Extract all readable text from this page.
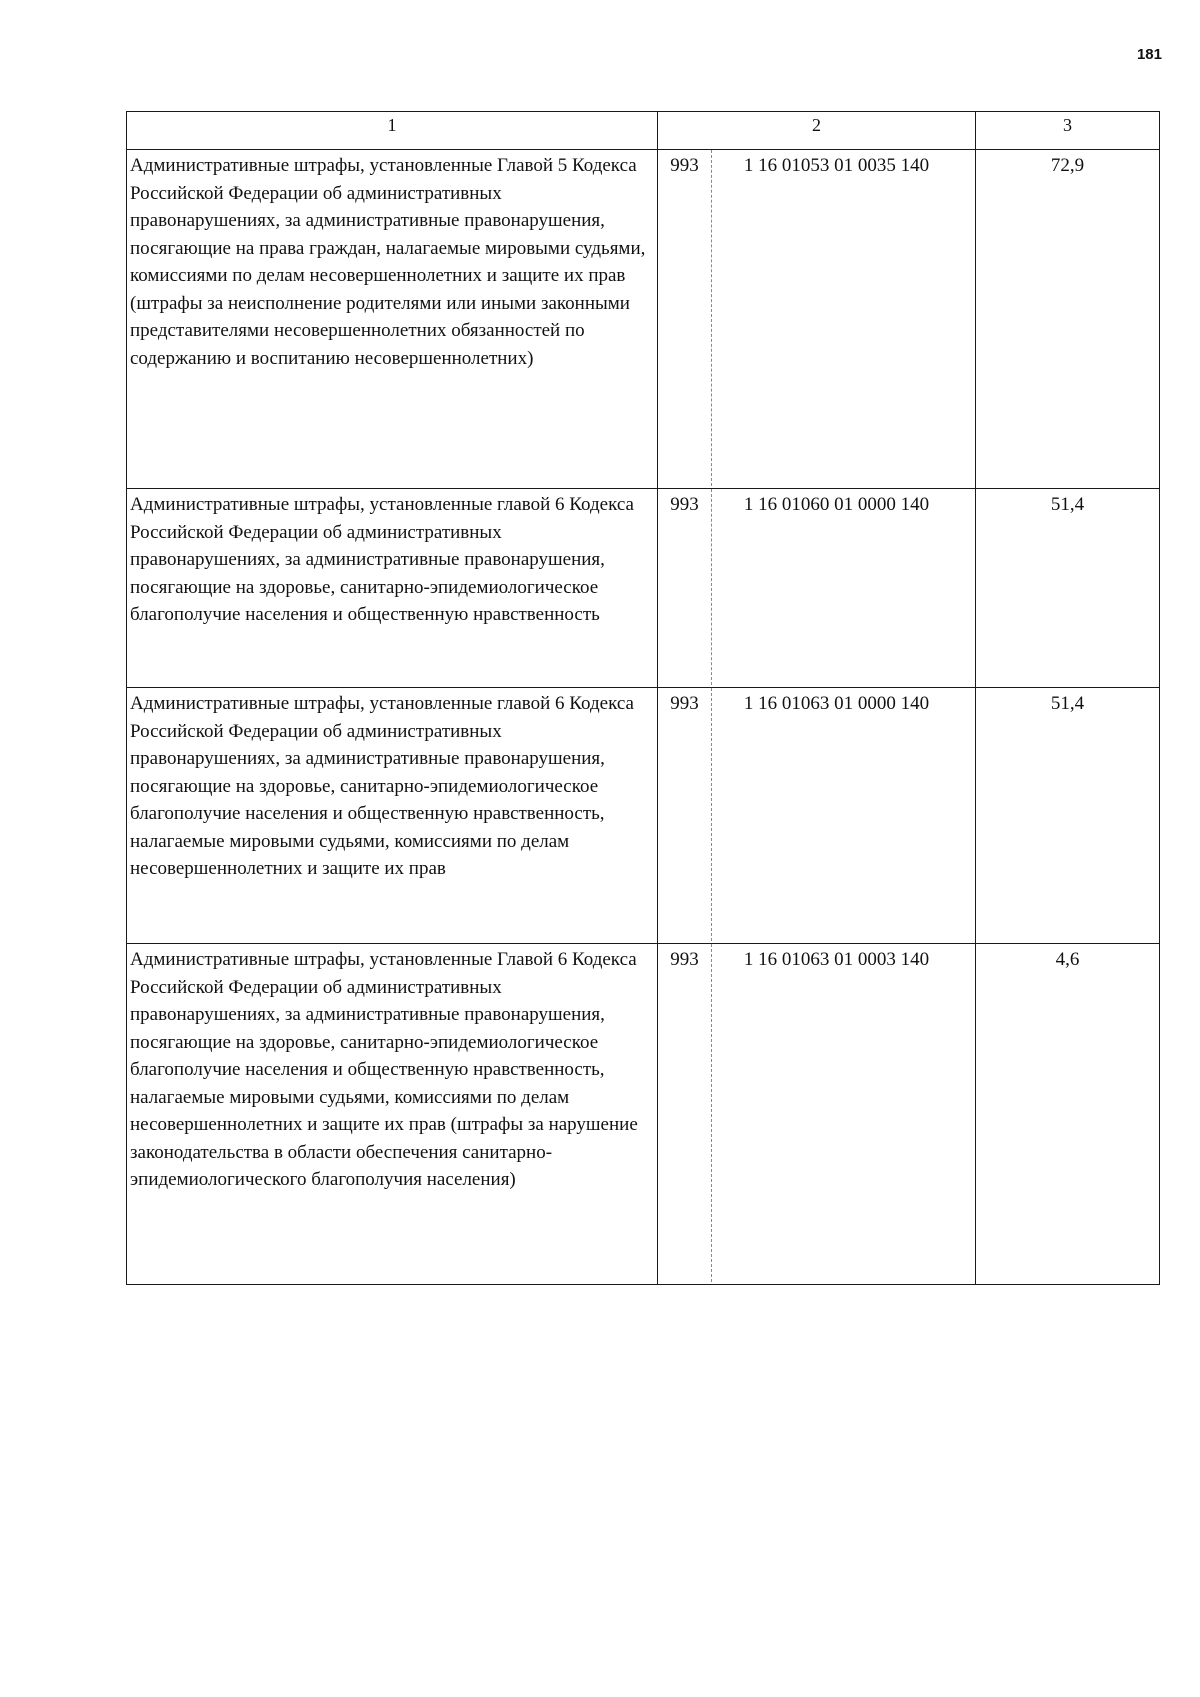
181
1	2	3
Административные штрафы, установленные Главой 5 Кодекса Российской Федерации об административных правонарушениях, за административные правонарушения, посягающие на права граждан, налагаемые мировыми судьями, комиссиями по делам несовершеннолетних и защите их прав (штрафы за неисполнение родителями или иными законными представителями несовершеннолетних обязанностей по содержанию и воспитанию несовершеннолетних)	993 1 16 01053 01 0035 140	72,9
Административные штрафы, установленные главой 6 Кодекса Российской Федерации об административных правонарушениях, за административные правонарушения, посягающие на здоровье, санитарно-эпидемиологическое благополучие населения и общественную нравственность	993 1 16 01060 01 0000 140	51,4
Административные штрафы, установленные главой 6 Кодекса Российской Федерации об административных правонарушениях, за административные правонарушения, посягающие на здоровье, санитарно-эпидемиологическое благополучие населения и общественную нравственность, налагаемые мировыми судьями, комиссиями по делам несовершеннолетних и защите их прав	993 1 16 01063 01 0000 140	51,4
Административные штрафы, установленные Главой 6 Кодекса Российской Федерации об административных правонарушениях, за административные правонарушения, посягающие на здоровье, санитарно-эпидемиологическое благополучие населения и общественную нравственность, налагаемые мировыми судьями, комиссиями по делам несовершеннолетних и защите их прав (штрафы за нарушение законодательства в области обеспечения санитарно-эпидемиологического благополучия населения)	993 1 16 01063 01 0003 140	4,6
